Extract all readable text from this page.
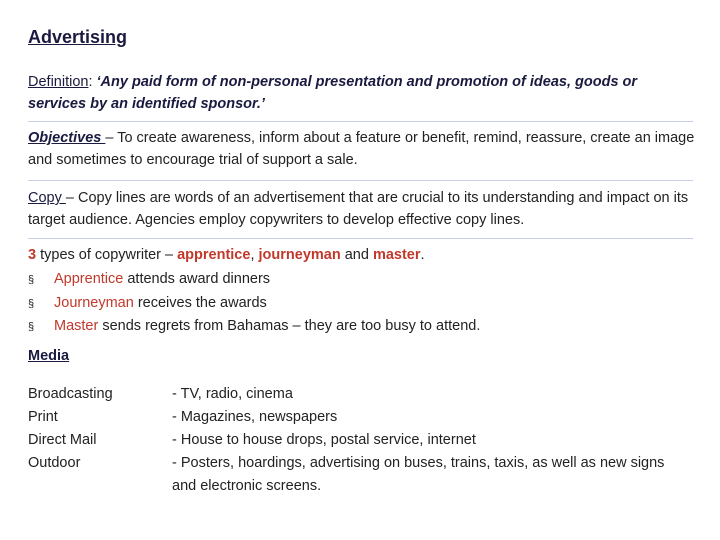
Advertising
Definition: ‘Any paid form of non-personal presentation and promotion of ideas, goods or services by an identified sponsor.’
Objectives – To create awareness, inform about a feature or benefit, remind, reassure, create an image and sometimes to encourage trial of support a sale.
Copy – Copy lines are words of an advertisement that are crucial to its understanding and impact on its target audience. Agencies employ copywriters to develop effective copy lines.
3 types of copywriter – apprentice, journeyman and master.
§	Apprentice attends award dinners
§	Journeyman receives the awards
§	Master sends regrets from Bahamas – they are too busy to attend.
Media
Broadcasting	- TV, radio, cinema
Print	- Magazines, newspapers
Direct Mail	- House to house drops, postal service, internet
Outdoor	- Posters, hoardings, advertising on buses, trains, taxis, as well as new signs and electronic screens.
